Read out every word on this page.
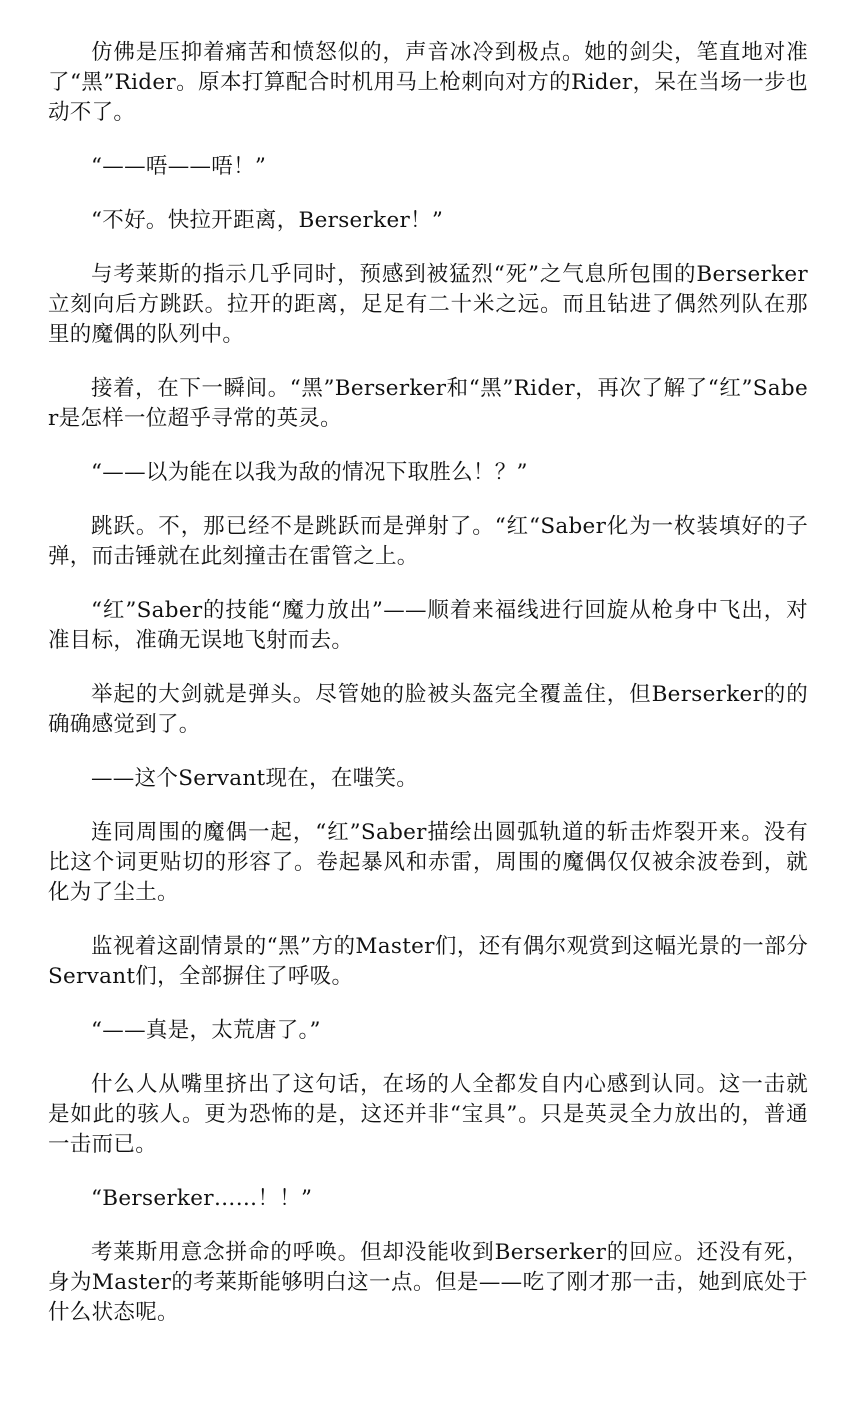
仿佛是压抑着痛苦和愤怒似的，声音冰冷到极点。她的剑尖，笔直地对准了“黑”Rider。原本打算配合时机用马上枪刺向对方的Rider，呆在当场一步也动不了。

“——唔——唔！”

“不好。快拉开距离，Berserker！”

与考莱斯的指示几乎同时，预感到被猛烈“死”之气息所包围的Berserker立刻向后方跳跃。拉开的距离，足足有二十米之远。而且钻进了偶然列队在那里的魔偶的队列中。

接着，在下一瞬间。“黑”Berserker和“黑”Rider，再次了解了“红”Saber是怎样一位超乎寻常的英灵。

“——以为能在以我为敌的情况下取胜么！？”

跳跃。不，那已经不是跳跃而是弹射了。“红“Saber化为一枚装填好的子弹，而击锤就在此刻撞击在雷管之上。

“红”Saber的技能“魔力放出”——顺着来福线进行回旋从枪身中飞出，对准目标，准确无误地飞射而去。

举起的大剑就是弹头。尽管她的脸被头盔完全覆盖住，但Berserker的的确确感觉到了。

——这个Servant现在，在嗤笑。

连同周围的魔偶一起，“红”Saber描绘出圆弧轨道的斩击炸裂开来。没有比这个词更贴切的形容了。卷起暴风和赤雷，周围的魔偶仅仅被余波卷到，就化为了尘土。

监视着这副情景的“黑”方的Master们，还有偶尔观赏到这幅光景的一部分Servant们，全部摒住了呼吸。

“——真是，太荒唐了。”

什么人从嘴里挤出了这句话，在场的人全都发自内心感到认同。这一击就是如此的骇人。更为恐怖的是，这还并非“宝具”。只是英灵全力放出的，普通一击而已。

“Berserker……！！”

考莱斯用意念拼命的呼唤。但却没能收到Berserker的回应。还没有死，身为Master的考莱斯能够明白这一点。但是——吃了刚才那一击，她到底处于什么状态呢。
